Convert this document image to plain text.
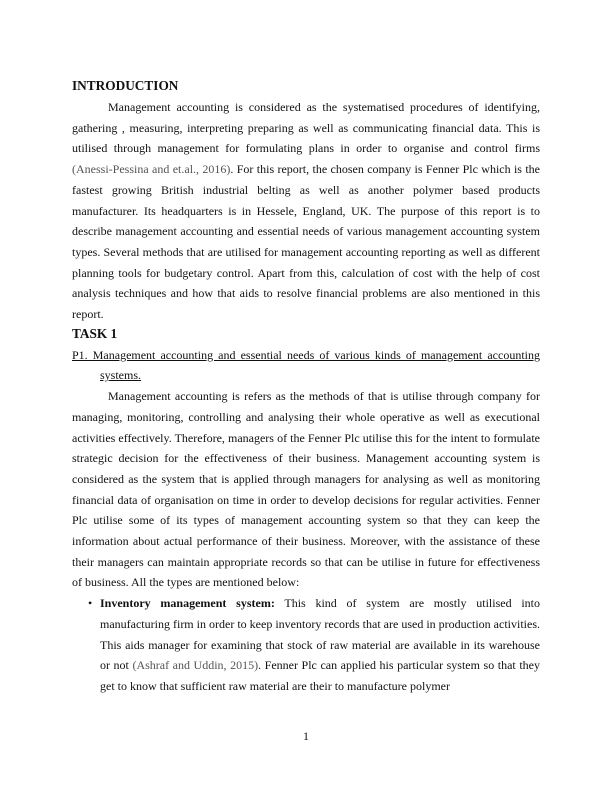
INTRODUCTION

Management accounting is considered as the systematised procedures of identifying, gathering , measuring, interpreting preparing as well as communicating financial data. This is utilised through management for formulating plans in order to organise and control firms (Anessi-Pessina and et.al., 2016). For this report, the chosen company is Fenner Plc which is the fastest growing British industrial belting as well as another polymer based products manufacturer. Its headquarters is in Hessele, England, UK. The purpose of this report is to describe management accounting and essential needs of various management accounting system types. Several methods that are utilised for management accounting reporting as well as different planning tools for budgetary control. Apart from this, calculation of cost with the help of cost analysis techniques and how that aids to resolve financial problems are also mentioned in this report.

TASK 1

P1. Management accounting and essential needs of various kinds of management accounting systems.

Management accounting is refers as the methods of that is utilise through company for managing, monitoring, controlling and analysing their whole operative as well as executional activities effectively. Therefore, managers of the Fenner Plc utilise this for the intent to formulate strategic decision for the effectiveness of their business. Management accounting system is considered as the system that is applied through managers for analysing as well as monitoring financial data of organisation on time in order to develop decisions for regular activities. Fenner Plc utilise some of its types of management accounting system so that they can keep the information about actual performance of their business. Moreover, with the assistance of these their managers can maintain appropriate records so that can be utilise in future for effectiveness of business. All the types are mentioned below:

• Inventory management system: This kind of system are mostly utilised into manufacturing firm in order to keep inventory records that are used in production activities. This aids manager for examining that stock of raw material are available in its warehouse or not (Ashraf and Uddin, 2015). Fenner Plc can applied his particular system so that they get to know that sufficient raw material are their to manufacture polymer

1
